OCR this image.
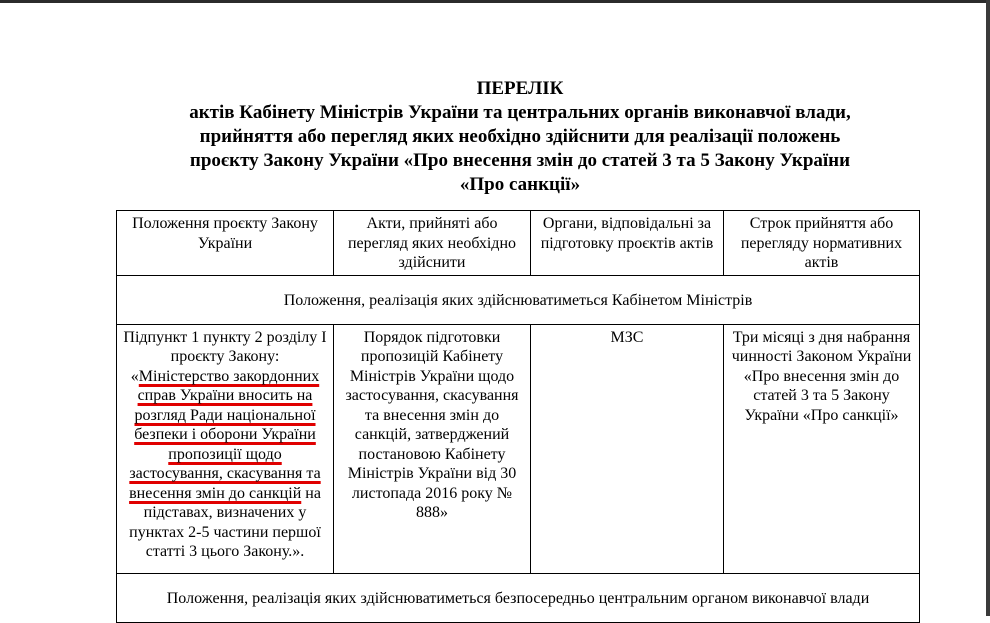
ПЕРЕЛІК
актів Кабінету Міністрів України та центральних органів виконавчої влади,
прийняття або перегляд яких необхідно здійснити для реалізації положень
проєкту Закону України «Про внесення змін до статей 3 та 5 Закону України
«Про санкції»
Положення проєкту Закону України	Акти, прийняті або перегляд яких необхідно здійснити	Органи, відповідальні за підготовку проєктів актів	Строк прийняття або перегляду нормативних актів
Положення, реалізація яких здійснюватиметься Кабінетом Міністрів			

Підпункт 1 пункту 2 розділу І проєкту Закону:
«Міністерство закордонних справ України вносить на розгляд Ради національної безпеки і оборони України пропозиції щодо застосування, скасування та внесення змін до санкцій на підставах, визначених у пунктах 2-5 частини першої статті 3 цього Закону.».	Порядок підготовки пропозицій Кабінету Міністрів України щодо застосування, скасування та внесення змін до санкцій, затверджений постановою Кабінету Міністрів України від 30 листопада 2016 року № 888»	МЗС	Три місяці з дня набрання чинності Законом України «Про внесення змін до статей 3 та 5 Закону України «Про санкції»
Положення, реалізація яких здійснюватиметься безпосередньо центральним органом виконавчої влади			
